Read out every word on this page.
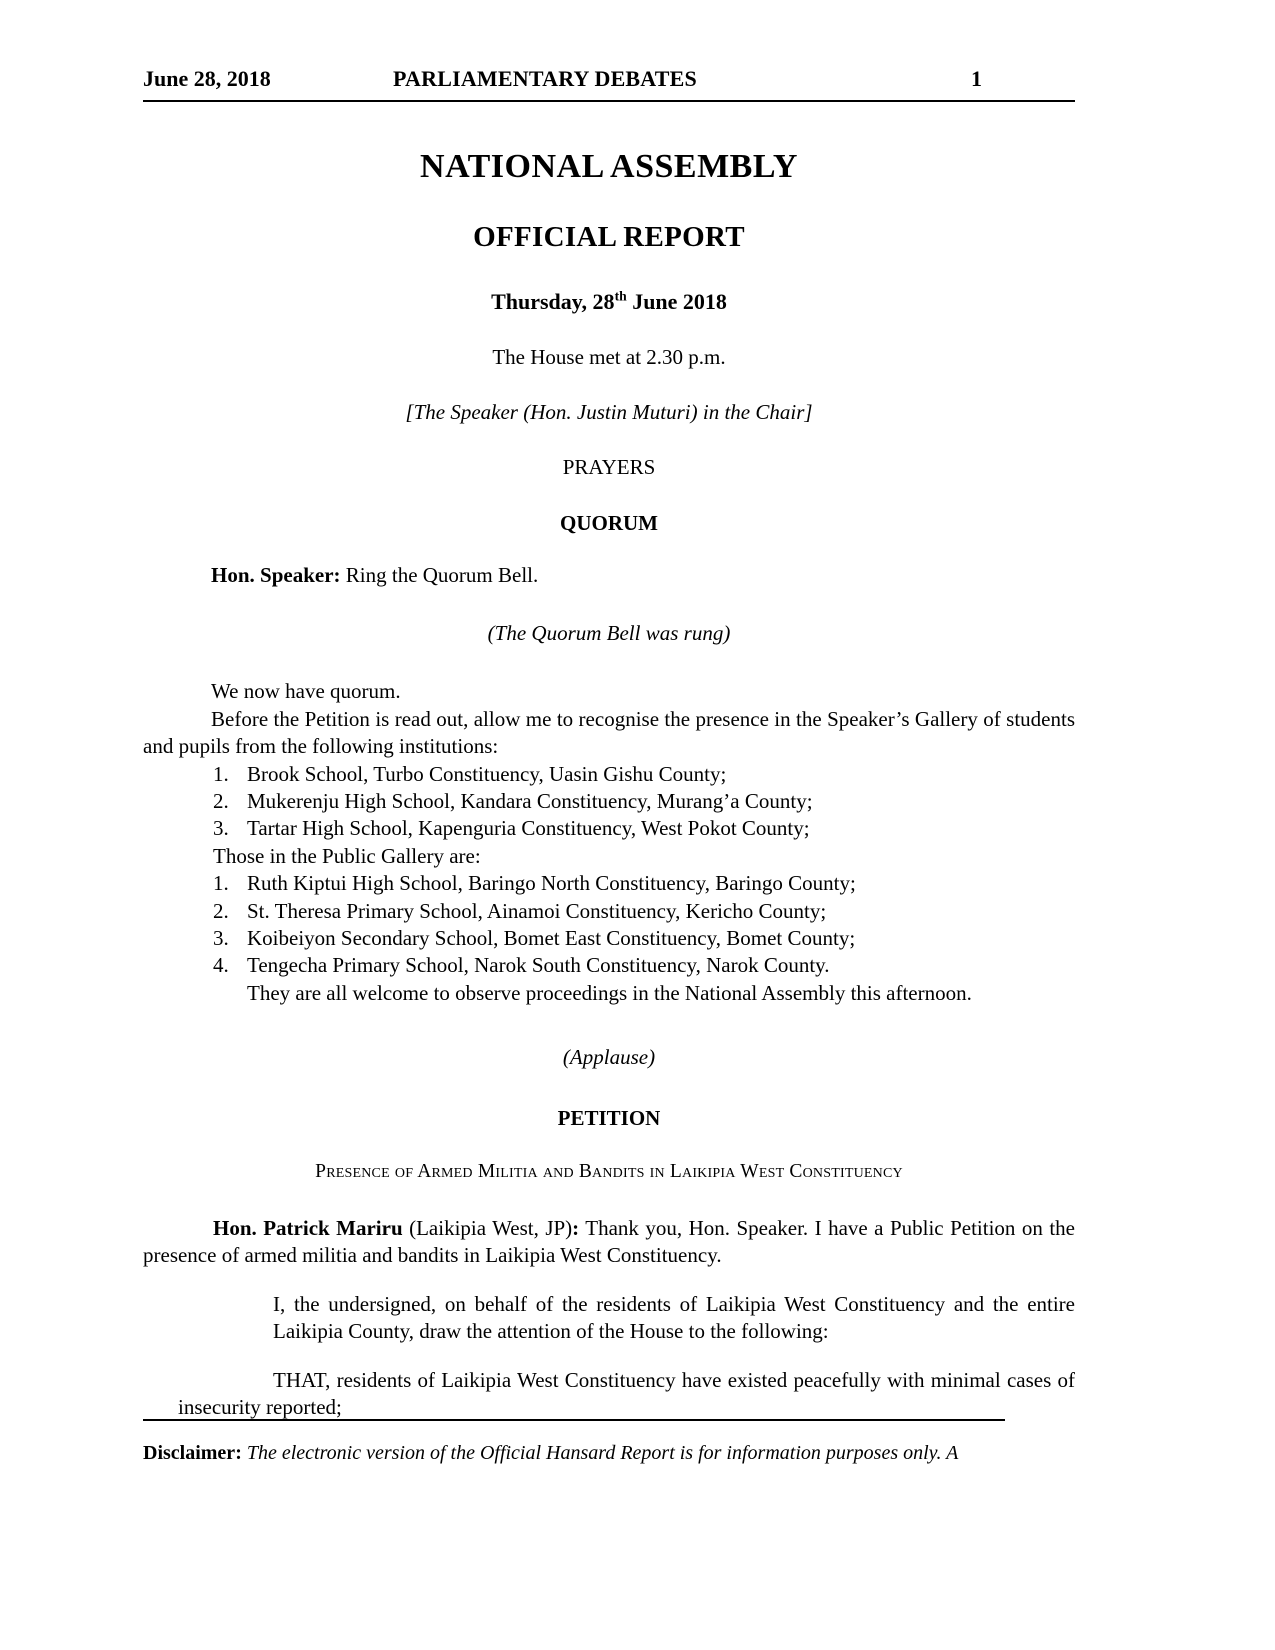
June 28, 2018	PARLIAMENTARY DEBATES	1
NATIONAL ASSEMBLY
OFFICIAL REPORT
Thursday, 28th June 2018
The House met at 2.30 p.m.
[The Speaker (Hon. Justin Muturi) in the Chair]
PRAYERS
QUORUM

Hon. Speaker: Ring the Quorum Bell.

(The Quorum Bell was rung)

We now have quorum.

Before the Petition is read out, allow me to recognise the presence in the Speaker’s Gallery of students and pupils from the following institutions:

1. Brook School, Turbo Constituency, Uasin Gishu County;
2. Mukerenju High School, Kandara Constituency, Murang’a County;
3. Tartar High School, Kapenguria Constituency, West Pokot County;
Those in the Public Gallery are:
1. Ruth Kiptui High School, Baringo North Constituency, Baringo County;
2. St. Theresa Primary School, Ainamoi Constituency, Kericho County;
3. Koibeiyon Secondary School, Bomet East Constituency, Bomet County;
4. Tengecha Primary School, Narok South Constituency, Narok County.

They are all welcome to observe proceedings in the National Assembly this afternoon.

(Applause)
PETITION
Presence of Armed Militia and Bandits in Laikipia West Constituency

Hon. Patrick Mariru (Laikipia West, JP): Thank you, Hon. Speaker. I have a Public Petition on the presence of armed militia and bandits in Laikipia West Constituency.

I, the undersigned, on behalf of the residents of Laikipia West Constituency and the entire Laikipia County, draw the attention of the House to the following:

THAT, residents of Laikipia West Constituency have existed peacefully with minimal cases of insecurity reported;

Disclaimer: The electronic version of the Official Hansard Report is for information purposes only. A
